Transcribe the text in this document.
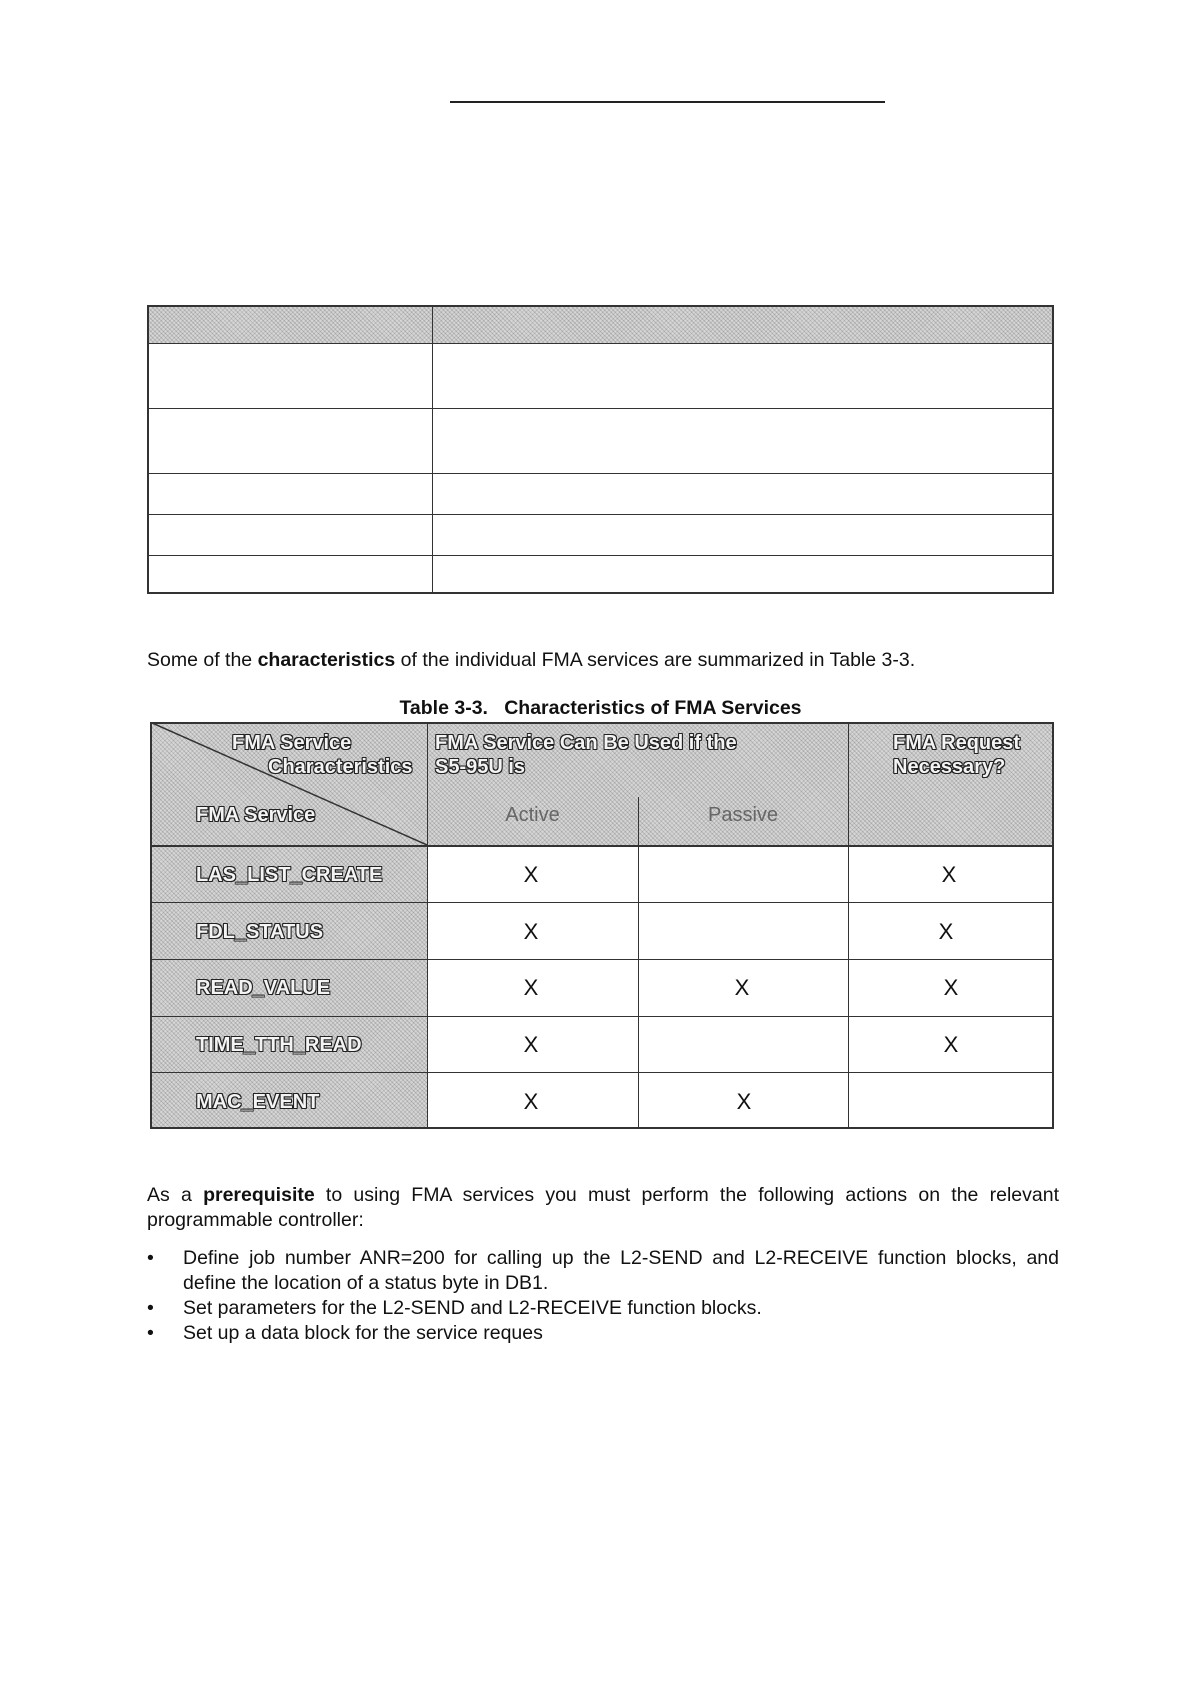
Some of the characteristics of the individual FMA services are summarized in Table 3-3.

Table 3-3.   Characteristics of FMA Services
FMA Service
Characteristics
FMA Service
FMA Service Can Be Used if the
S5-95U is
Active	Passive
FMA Request
Necessary?
LAS_LIST_CREATE
FDL_STATUS
READ_VALUE
TIME_TTH_READ
MAC_EVENT
X
X
X
X
X
X
X
X
X
X
X

As a prerequisite to using FMA services you must perform the following actions on the relevant programmable controller:

• Define job number ANR=200 for calling up the L2-SEND and L2-RECEIVE function blocks, and define the location of a status byte in DB1.
• Set parameters for the L2-SEND and L2-RECEIVE function blocks.
• Set up a data block for the service reques
